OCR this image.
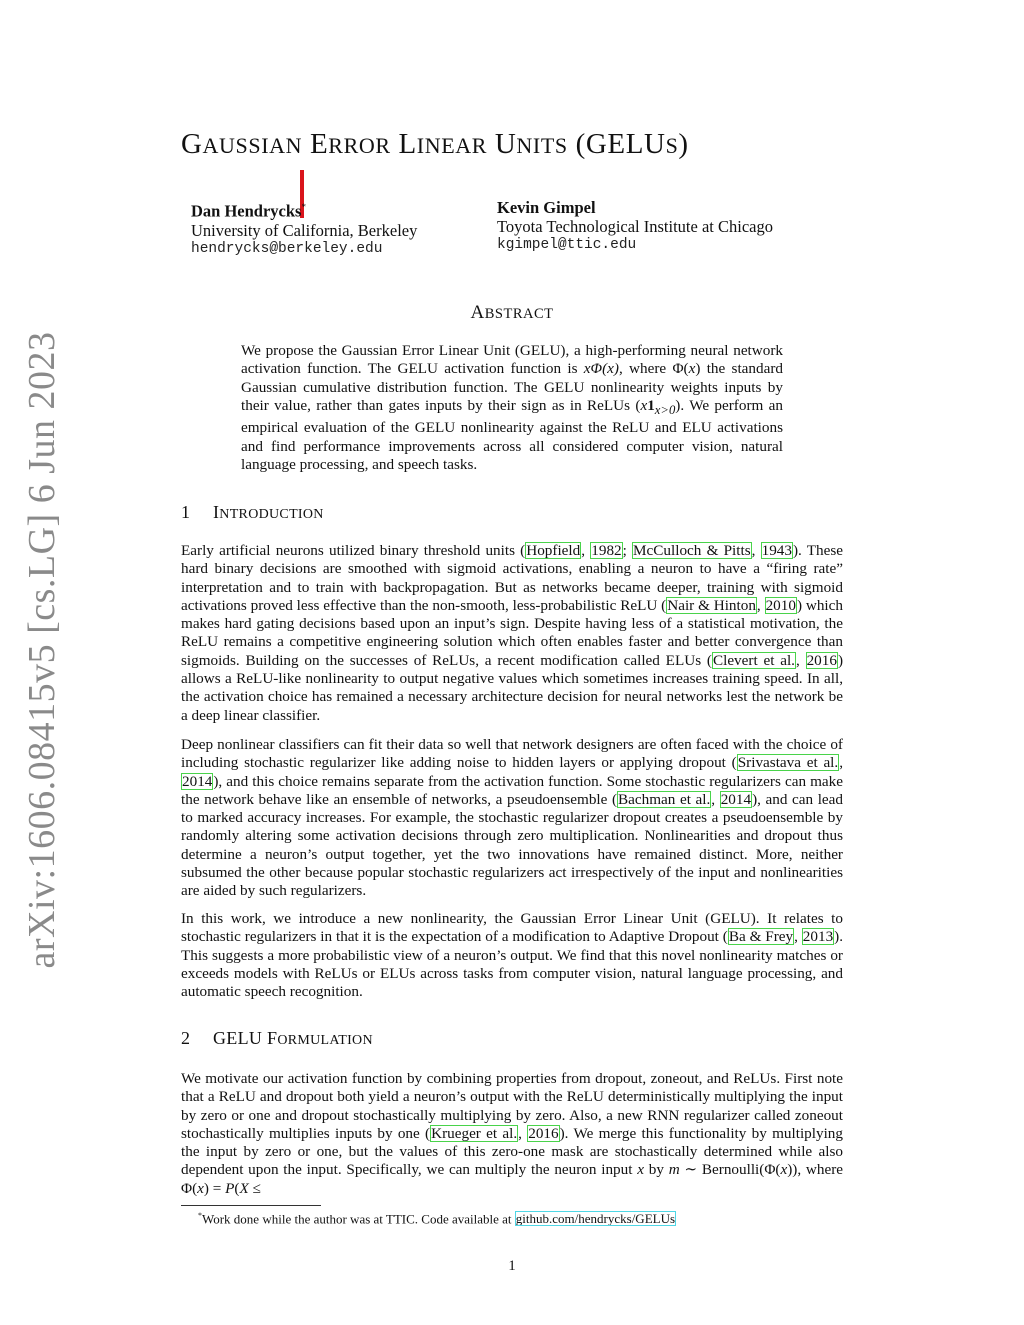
arXiv:1606.08415v5 [cs.LG] 6 Jun 2023
GAUSSIAN ERROR LINEAR UNITS (GELUS)
Dan Hendrycks*
University of California, Berkeley
hendrycks@berkeley.edu
Kevin Gimpel
Toyota Technological Institute at Chicago
kgimpel@ttic.edu
ABSTRACT
We propose the Gaussian Error Linear Unit (GELU), a high-performing neural network activation function. The GELU activation function is xΦ(x), where Φ(x) the standard Gaussian cumulative distribution function. The GELU nonlinearity weights inputs by their value, rather than gates inputs by their sign as in ReLUs $(x1_{x>0})$. We perform an empirical evaluation of the GELU nonlinearity against the ReLU and ELU activations and find performance improvements across all considered computer vision, natural language processing, and speech tasks.
1 INTRODUCTION
Early artificial neurons utilized binary threshold units (Hopfield, 1982; McCulloch & Pitts, 1943). These hard binary decisions are smoothed with sigmoid activations, enabling a neuron to have a “firing rate” interpretation and to train with backpropagation. But as networks became deeper, training with sigmoid activations proved less effective than the non-smooth, less-probabilistic ReLU (Nair & Hinton, 2010) which makes hard gating decisions based upon an input’s sign. Despite having less of a statistical motivation, the ReLU remains a competitive engineering solution which often enables faster and better convergence than sigmoids. Building on the successes of ReLUs, a recent modification called ELUs (Clevert et al., 2016) allows a ReLU-like nonlinearity to output negative values which sometimes increases training speed. In all, the activation choice has remained a necessary architecture decision for neural networks lest the network be a deep linear classifier.
Deep nonlinear classifiers can fit their data so well that network designers are often faced with the choice of including stochastic regularizer like adding noise to hidden layers or applying dropout (Srivastava et al., 2014), and this choice remains separate from the activation function. Some stochastic regularizers can make the network behave like an ensemble of networks, a pseudoensemble (Bachman et al., 2014), and can lead to marked accuracy increases. For example, the stochastic regularizer dropout creates a pseudoensemble by randomly altering some activation decisions through zero multiplication. Nonlinearities and dropout thus determine a neuron’s output together, yet the two innovations have remained distinct. More, neither subsumed the other because popular stochastic regularizers act irrespectively of the input and nonlinearities are aided by such regularizers.
In this work, we introduce a new nonlinearity, the Gaussian Error Linear Unit (GELU). It relates to stochastic regularizers in that it is the expectation of a modification to Adaptive Dropout (Ba & Frey, 2013). This suggests a more probabilistic view of a neuron’s output. We find that this novel nonlinearity matches or exceeds models with ReLUs or ELUs across tasks from computer vision, natural language processing, and automatic speech recognition.
2 GELU FORMULATION
We motivate our activation function by combining properties from dropout, zoneout, and ReLUs. First note that a ReLU and dropout both yield a neuron’s output with the ReLU deterministically multiplying the input by zero or one and dropout stochastically multiplying by zero. Also, a new RNN regularizer called zoneout stochastically multiplies inputs by one (Krueger et al., 2016). We merge this functionality by multiplying the input by zero or one, but the values of this zero-one mask are stochastically determined while also dependent upon the input. Specifically, we can multiply the neuron input x by m ∼ Bernoulli(Φ(x)), where Φ(x) = P(X ≤
*Work done while the author was at TTIC. Code available at github.com/hendrycks/GELUs
1
